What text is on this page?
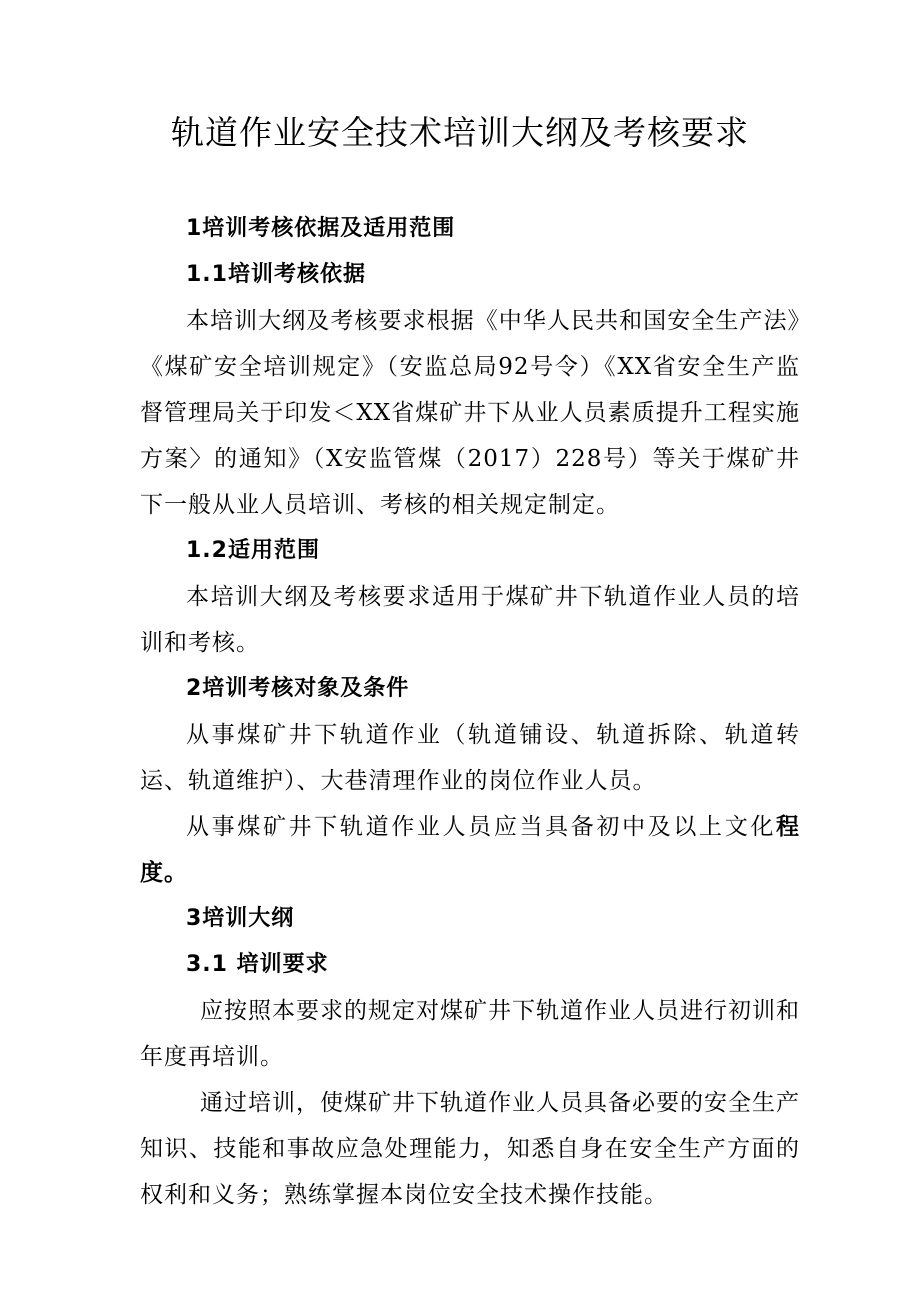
轨道作业安全技术培训大纲及考核要求
1培训考核依据及适用范围
1.1培训考核依据

本培训大纲及考核要求根据《中华人民共和国安全生产法》《煤矿安全培训规定》（安监总局92号令）《XX省安全生产监督管理局关于印发＜XX省煤矿井下从业人员素质提升工程实施方案〉的通知》（X安监管煤（2017）228号）等关于煤矿井下一般从业人员培训、考核的相关规定制定。

1.2适用范围

本培训大纲及考核要求适用于煤矿井下轨道作业人员的培训和考核。

2培训考核对象及条件

从事煤矿井下轨道作业（轨道铺设、轨道拆除、轨道转运、轨道维护）、大巷清理作业的岗位作业人员。

从事煤矿井下轨道作业人员应当具备初中及以上文化程度。

3培训大纲
3.1 培训要求

应按照本要求的规定对煤矿井下轨道作业人员进行初训和年度再培训。

通过培训，使煤矿井下轨道作业人员具备必要的安全生产知识、技能和事故应急处理能力，知悉自身在安全生产方面的权利和义务；熟练掌握本岗位安全技术操作技能。
